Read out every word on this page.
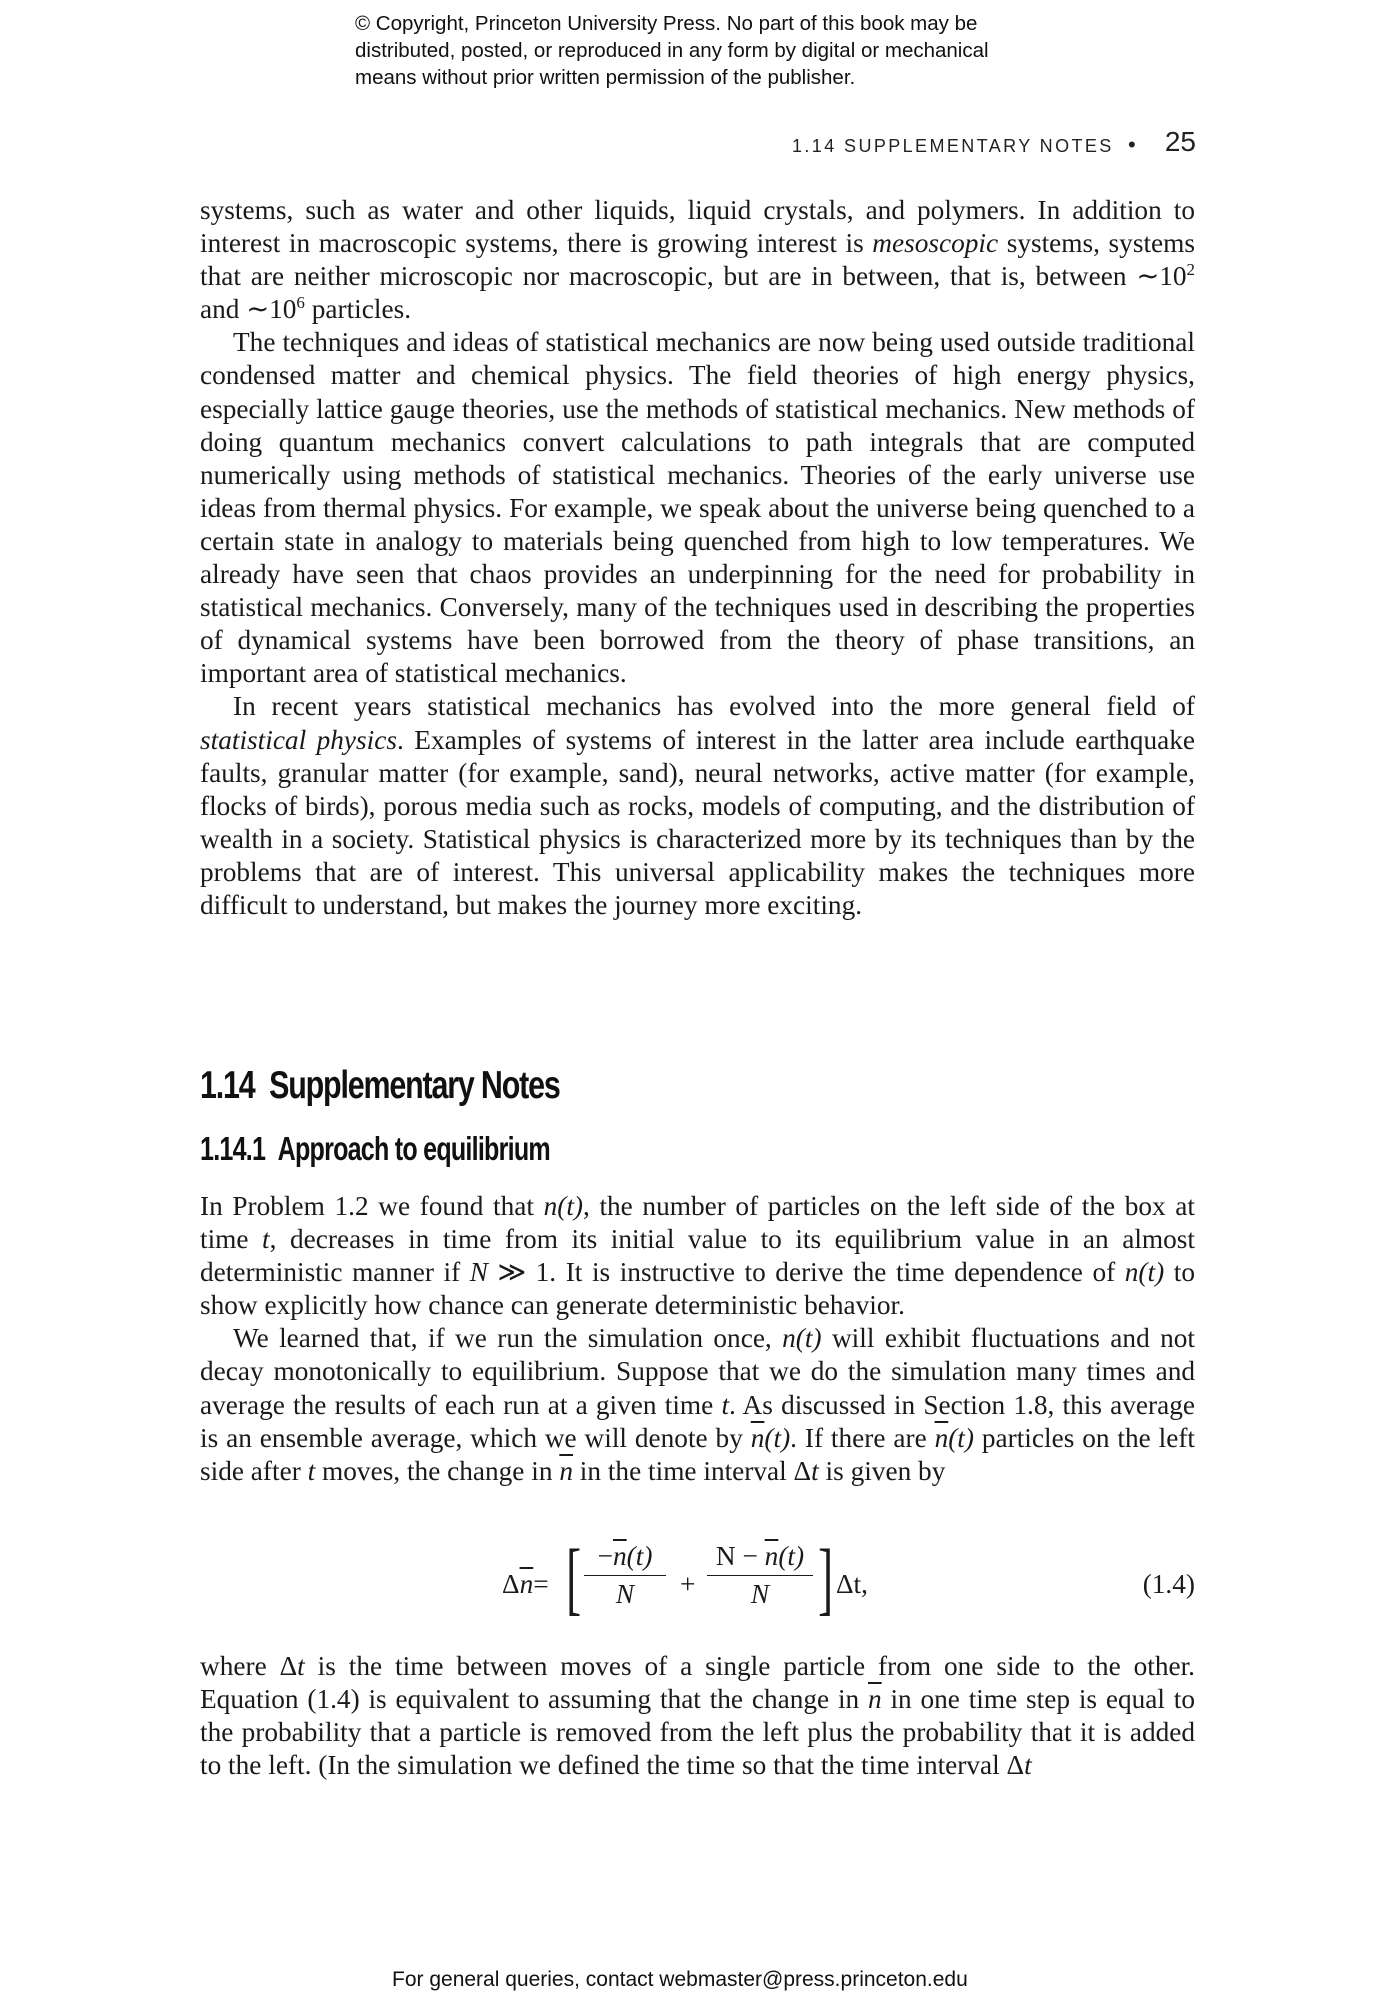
© Copyright, Princeton University Press. No part of this book may be
distributed, posted, or reproduced in any form by digital or mechanical
means without prior written permission of the publisher.
1.14 SUPPLEMENTARY NOTES • 25

systems, such as water and other liquids, liquid crystals, and polymers. In addition to interest in macroscopic systems, there is growing interest is mesoscopic systems, systems that are neither microscopic nor macroscopic, but are in between, that is, between $\sim 10^2$ and $\sim 10^6$ particles.

The techniques and ideas of statistical mechanics are now being used outside traditional condensed matter and chemical physics. The field theories of high energy physics, especially lattice gauge theories, use the methods of statistical mechanics. New methods of doing quantum mechanics convert calculations to path integrals that are computed numerically using methods of statistical mechanics. Theories of the early universe use ideas from thermal physics. For example, we speak about the universe being quenched to a certain state in analogy to materials being quenched from high to low temperatures. We already have seen that chaos provides an underpinning for the need for probability in statistical mechanics. Conversely, many of the techniques used in describing the properties of dynamical systems have been borrowed from the theory of phase transitions, an important area of statistical mechanics.

In recent years statistical mechanics has evolved into the more general field of statistical physics. Examples of systems of interest in the latter area include earthquake faults, granular matter (for example, sand), neural networks, active matter (for example, flocks of birds), porous media such as rocks, models of computing, and the distribution of wealth in a society. Statistical physics is characterized more by its techniques than by the problems that are of interest. This universal applicability makes the techniques more difficult to understand, but makes the journey more exciting.

1.14 Supplementary Notes
1.14.1 Approach to equilibrium

In Problem 1.2 we found that n(t), the number of particles on the left side of the box at time t, decreases in time from its initial value to its equilibrium value in an almost deterministic manner if N ≫ 1. It is instructive to derive the time dependence of n(t) to show explicitly how chance can generate deterministic behavior.

We learned that, if we run the simulation once, n(t) will exhibit fluctuations and not decay monotonically to equilibrium. Suppose that we do the simulation many times and average the results of each run at a given time t. As discussed in Section 1.8, this average is an ensemble average, which we will denote by $\overline{n}(t)$. If there are $\overline{n}(t)$ particles on the left side after t moves, the change in $\overline{n}$ in the time interval Δt is given by

$\Delta\overline{n}=$ [ $\frac{-\overline{n}(t)}{N} + \frac{N - \overline{n}(t)}{N}$ ] Δt,	(1.4)

where Δt is the time between moves of a single particle from one side to the other. Equation (1.4) is equivalent to assuming that the change in $\overline{n}$ in one time step is equal to the probability that a particle is removed from the left plus the probability that it is added to the left. (In the simulation we defined the time so that the time interval Δt

For general queries, contact webmaster@press.princeton.edu
